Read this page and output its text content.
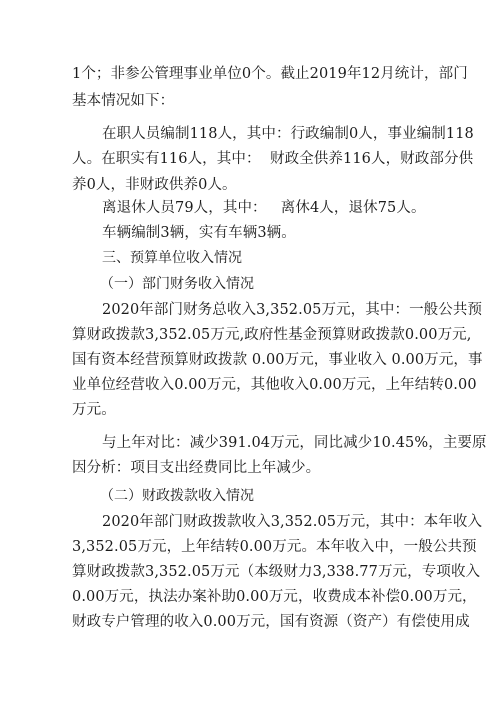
1个；非参公管理事业单位0个。截止2019年12月统计，部门
基本情况如下：
在职人员编制118人，其中：行政编制0人，事业编制118
人。在职实有116人，其中：  财政全供养116人，财政部分供
养0人，非财政供养0人。
离退休人员79人，其中：   离休4人，退休75人。
车辆编制3辆，实有车辆3辆。
三、预算单位收入情况
（一）部门财务收入情况
2020年部门财务总收入3,352.05万元，其中：一般公共预
算财政拨款3,352.05万元,政府性基金预算财政拨款0.00万元,
国有资本经营预算财政拨款 0.00万元，事业收入 0.00万元，事
业单位经营收入0.00万元，其他收入0.00万元，上年结转0.00
万元。
与上年对比：减少391.04万元，同比减少10.45%，主要原
因分析：项目支出经费同比上年减少。
（二）财政拨款收入情况
2020年部门财政拨款收入3,352.05万元，其中：本年收入
3,352.05万元，上年结转0.00万元。本年收入中，一般公共预
算财政拨款3,352.05万元（本级财力3,338.77万元，专项收入
0.00万元，执法办案补助0.00万元，收费成本补偿0.00万元，
财政专户管理的收入0.00万元，国有资源（资产）有偿使用成
